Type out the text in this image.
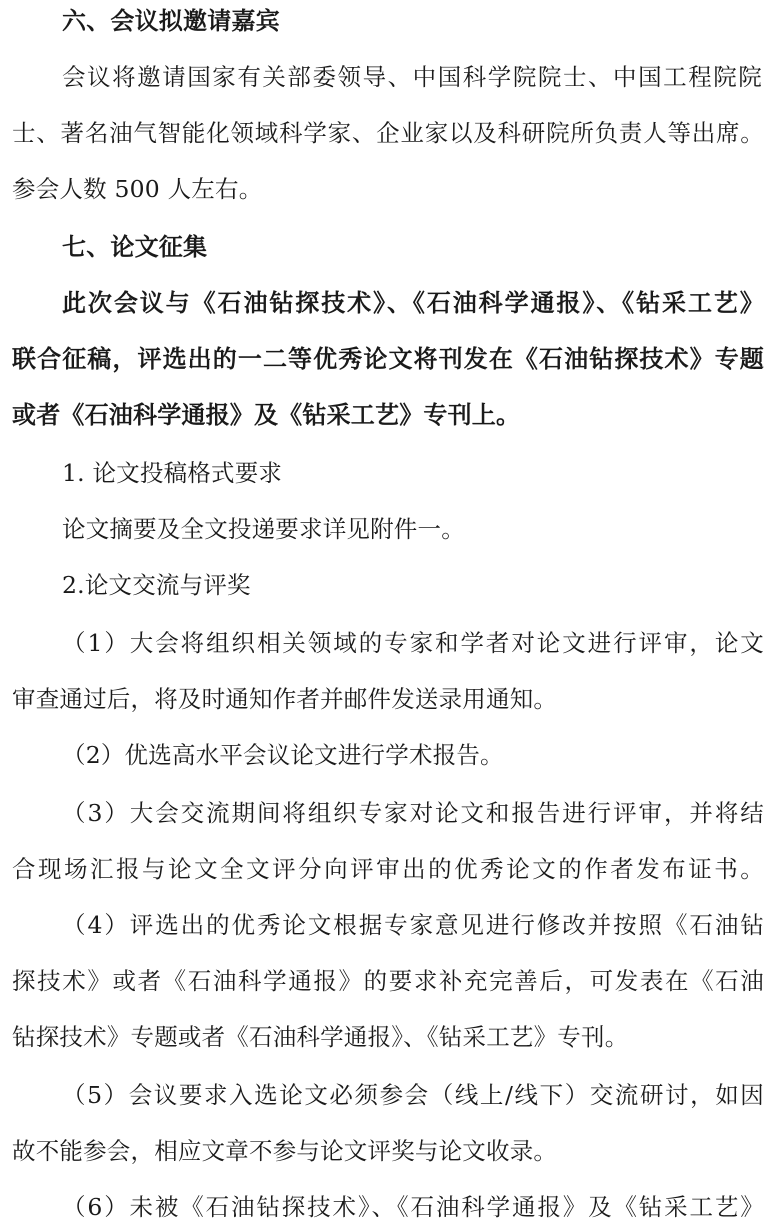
六、会议拟邀请嘉宾
会议将邀请国家有关部委领导、中国科学院院士、中国工程院院
士、著名油气智能化领域科学家、企业家以及科研院所负责人等出席。
参会人数 500 人左右。
七、论文征集
此次会议与《石油钻探技术》、《石油科学通报》、《钻采工艺》
联合征稿，评选出的一二等优秀论文将刊发在《石油钻探技术》专题
或者《石油科学通报》及《钻采工艺》专刊上。
1. 论文投稿格式要求
论文摘要及全文投递要求详见附件一。
2.论文交流与评奖
（1）大会将组织相关领域的专家和学者对论文进行评审，论文
审查通过后，将及时通知作者并邮件发送录用通知。
（2）优选高水平会议论文进行学术报告。
（3）大会交流期间将组织专家对论文和报告进行评审，并将结
合现场汇报与论文全文评分向评审出的优秀论文的作者发布证书。
（4）评选出的优秀论文根据专家意见进行修改并按照《石油钻
探技术》或者《石油科学通报》的要求补充完善后，可发表在《石油
钻探技术》专题或者《石油科学通报》、《钻采工艺》专刊。
（5）会议要求入选论文必须参会（线上/线下）交流研讨，如因
故不能参会，相应文章不参与论文评奖与论文收录。
（6）未被《石油钻探技术》、《石油科学通报》及《钻采工艺》
